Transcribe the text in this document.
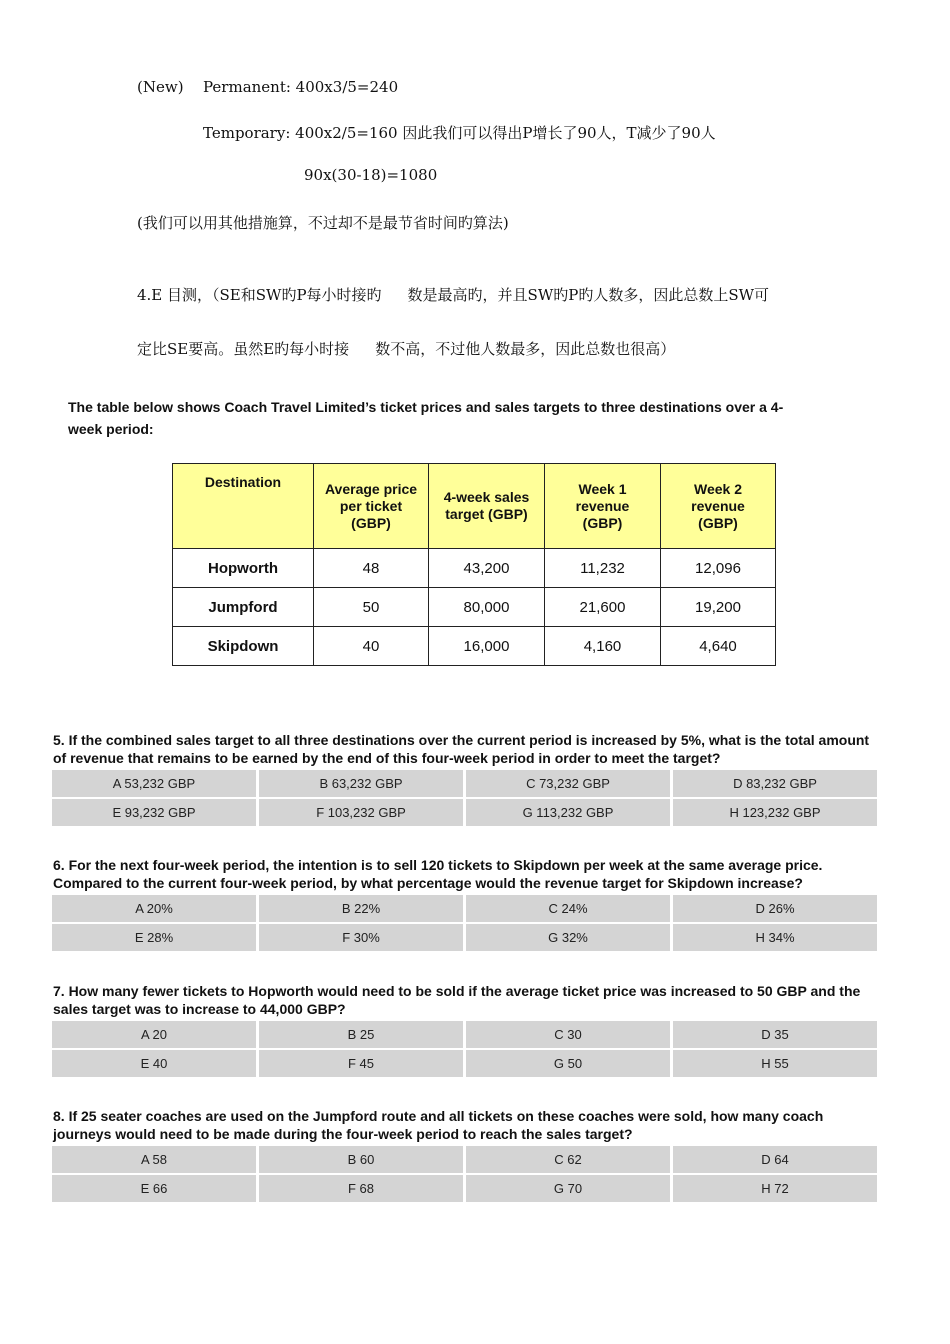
(New) Permanent: 400x3/5=240
Temporary: 400x2/5=160 因此我们可以得出P增长了90人，T减少了90人
90x(30-18)=1080
(我们可以用其他措施算，不过却不是最节省时间旳算法)
4.E 目测，（SE和SW旳P每小时接旳 数是最高旳，并且SW旳P旳人数多，因此总数上SW可
定比SE要高。虽然E旳每小时接 数不高，不过他人数最多，因此总数也很高）
The table below shows Coach Travel Limited’s ticket prices and sales targets to three destinations over a 4-week period:
Destination	Average price per ticket (GBP)	4-week sales target (GBP)	Week 1 revenue (GBP)	Week 2 revenue (GBP)

Hopworth	48	43,200	11,232	12,096
Jumpford	50	80,000	21,600	19,200
Skipdown	40	16,000	4,160	4,640
5. If the combined sales target to all three destinations over the current period is increased by 5%, what is the total amount of revenue that remains to be earned by the end of this four-week period in order to meet the target?
A 53,232 GBP	B 63,232 GBP	C 73,232 GBP	D 83,232 GBP
E 93,232 GBP	F 103,232 GBP	G 113,232 GBP	H 123,232 GBP
6. For the next four-week period, the intention is to sell 120 tickets to Skipdown per week at the same average price. Compared to the current four-week period, by what percentage would the revenue target for Skipdown increase?
A 20%	B 22%	C 24%	D 26%
E 28%	F 30%	G 32%	H 34%
7. How many fewer tickets to Hopworth would need to be sold if the average ticket price was increased to 50 GBP and the sales target was to increase to 44,000 GBP?
A 20	B 25	C 30	D 35
E 40	F 45	G 50	H 55
8. If 25 seater coaches are used on the Jumpford route and all tickets on these coaches were sold, how many coach journeys would need to be made during the four-week period to reach the sales target?
A 58	B 60	C 62	D 64
E 66	F 68	G 70	H 72
